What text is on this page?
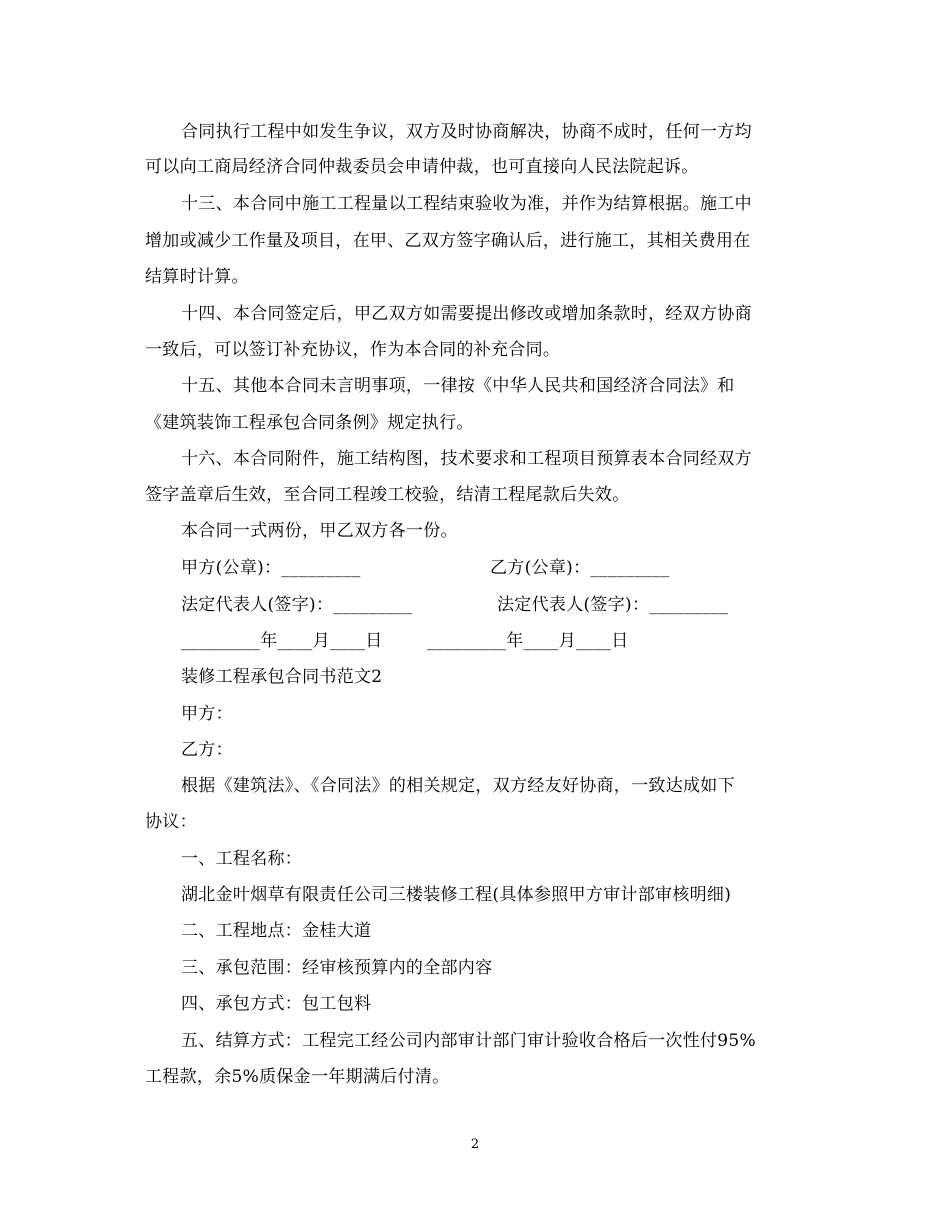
合同执行工程中如发生争议，双方及时协商解决，协商不成时，任何一方均
可以向工商局经济合同仲裁委员会申请仲裁，也可直接向人民法院起诉。
十三、本合同中施工工程量以工程结束验收为准，并作为结算根据。施工中
增加或减少工作量及项目，在甲、乙双方签字确认后，进行施工，其相关费用在
结算时计算。
十四、本合同签定后，甲乙双方如需要提出修改或增加条款时，经双方协商
一致后，可以签订补充协议，作为本合同的补充合同。
十五、其他本合同未言明事项，一律按《中华人民共和国经济合同法》和
《建筑装饰工程承包合同条例》规定执行。
十六、本合同附件，施工结构图，技术要求和工程项目预算表本合同经双方
签字盖章后生效，至合同工程竣工校验，结清工程尾款后失效。
本合同一式两份，甲乙双方各一份。
甲方(公章)：_________	乙方(公章)：_________
法定代表人(签字)：_________	法定代表人(签字)：_________
_________年____月____日	_________年____月____日
装修工程承包合同书范文2
甲方：
乙方：
根据《建筑法》、《合同法》的相关规定，双方经友好协商，一致达成如下
协议：
一、工程名称：
湖北金叶烟草有限责任公司三楼装修工程(具体参照甲方审计部审核明细)
二、工程地点：金桂大道
三、承包范围：经审核预算内的全部内容
四、承包方式：包工包料
五、结算方式：工程完工经公司内部审计部门审计验收合格后一次性付95%
工程款，余5%质保金一年期满后付清。
2
